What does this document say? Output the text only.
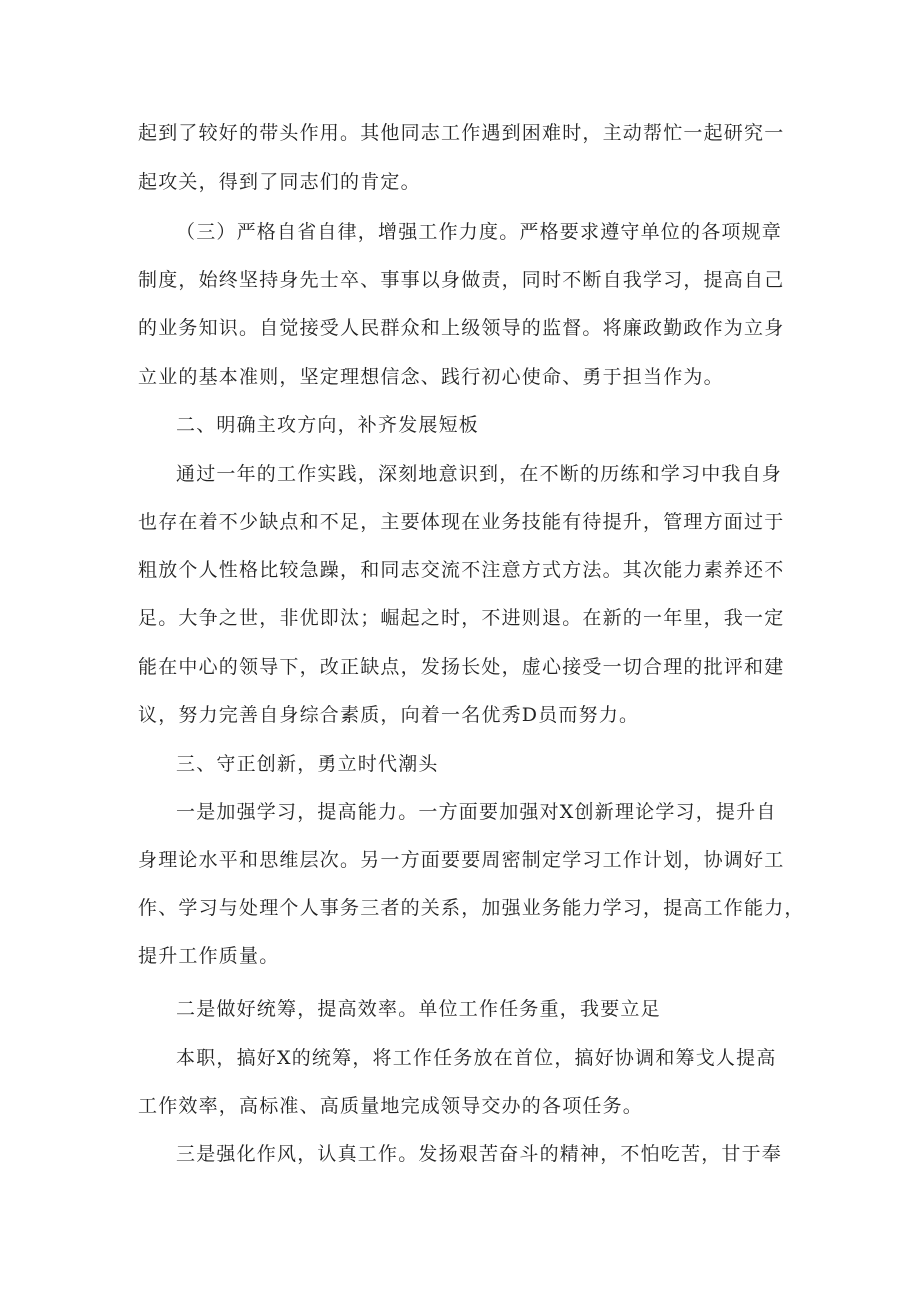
起到了较好的带头作用。其他同志工作遇到困难时，主动帮忙一起研究一
起攻关，得到了同志们的肯定。
（三）严格自省自律，增强工作力度。严格要求遵守单位的各项规章
制度，始终坚持身先士卒、事事以身做责，同时不断自我学习，提高自己
的业务知识。自觉接受人民群众和上级领导的监督。将廉政勤政作为立身
立业的基本准则，坚定理想信念、践行初心使命、勇于担当作为。
二、明确主攻方向，补齐发展短板
通过一年的工作实践，深刻地意识到，在不断的历练和学习中我自身
也存在着不少缺点和不足，主要体现在业务技能有待提升，管理方面过于
粗放个人性格比较急躁，和同志交流不注意方式方法。其次能力素养还不
足。大争之世，非优即汰；崛起之时，不进则退。在新的一年里，我一定
能在中心的领导下，改正缺点，发扬长处，虚心接受一切合理的批评和建
议，努力完善自身综合素质，向着一名优秀D员而努力。
三、守正创新，勇立时代潮头
一是加强学习，提高能力。一方面要加强对X创新理论学习，提升自
身理论水平和思维层次。另一方面要要周密制定学习工作计划，协调好工
作、学习与处理个人事务三者的关系，加强业务能力学习，提高工作能力，
提升工作质量。
二是做好统筹，提高效率。单位工作任务重，我要立足
本职，搞好X的统筹，将工作任务放在首位，搞好协调和筹戈人提高
工作效率，高标准、高质量地完成领导交办的各项任务。
三是强化作风，认真工作。发扬艰苦奋斗的精神，不怕吃苦，甘于奉
